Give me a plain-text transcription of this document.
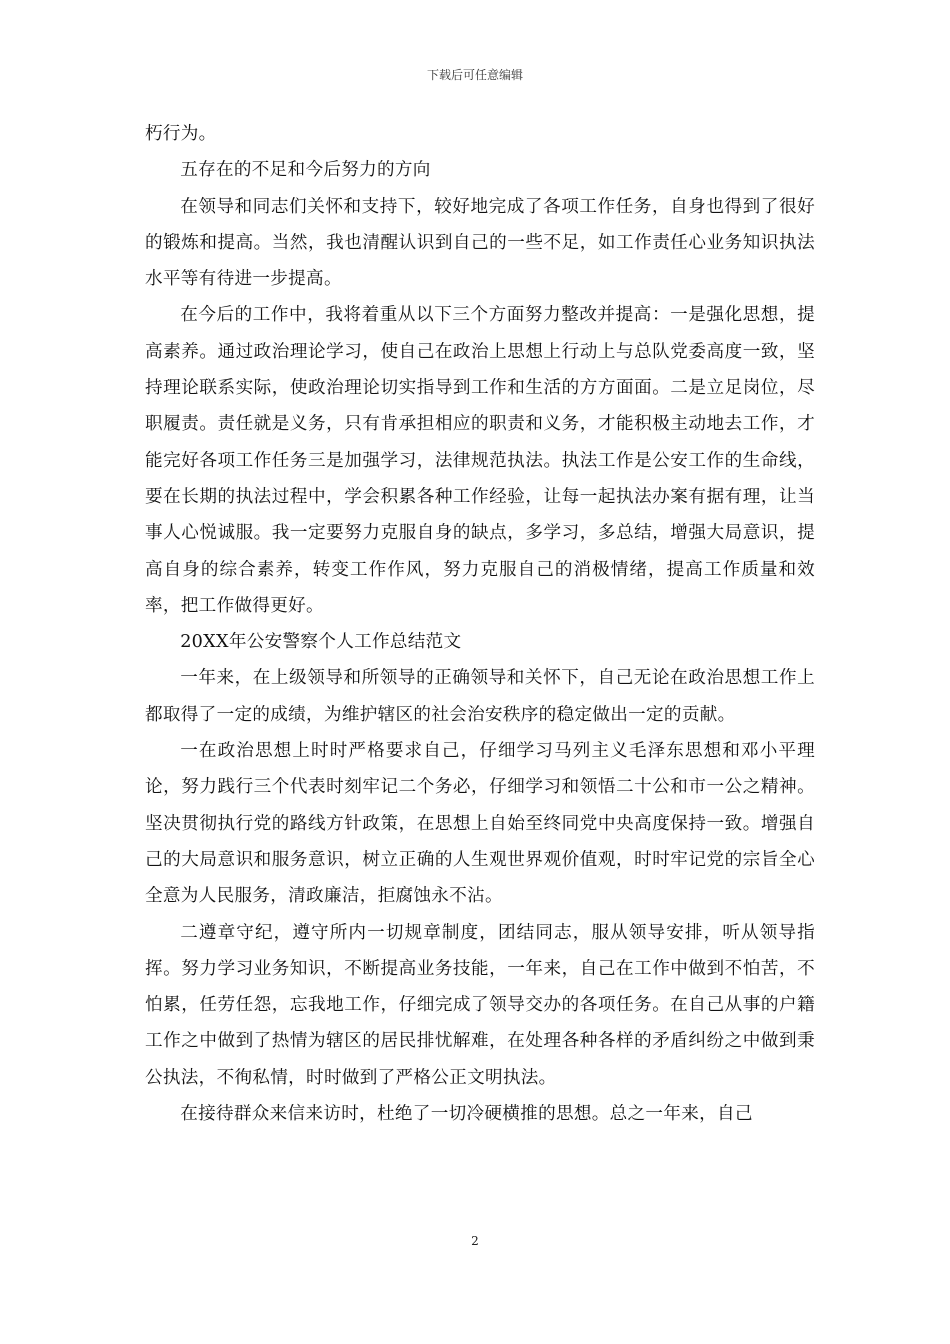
下载后可任意编辑

朽行为。

五存在的不足和今后努力的方向

在领导和同志们关怀和支持下，较好地完成了各项工作任务，自身也得到了很好的锻炼和提高。当然，我也清醒认识到自己的一些不足，如工作责任心业务知识执法水平等有待进一步提高。

在今后的工作中，我将着重从以下三个方面努力整改并提高：一是强化思想，提高素养。通过政治理论学习，使自己在政治上思想上行动上与总队党委高度一致，坚持理论联系实际，使政治理论切实指导到工作和生活的方方面面。二是立足岗位，尽职履责。责任就是义务，只有肯承担相应的职责和义务，才能积极主动地去工作，才能完好各项工作任务三是加强学习，法律规范执法。执法工作是公安工作的生命线，要在长期的执法过程中，学会积累各种工作经验，让每一起执法办案有据有理，让当事人心悦诚服。我一定要努力克服自身的缺点，多学习，多总结，增强大局意识，提高自身的综合素养，转变工作作风，努力克服自己的消极情绪，提高工作质量和效率，把工作做得更好。

20XX年公安警察个人工作总结范文

一年来，在上级领导和所领导的正确领导和关怀下，自己无论在政治思想工作上都取得了一定的成绩，为维护辖区的社会治安秩序的稳定做出一定的贡献。

一在政治思想上时时严格要求自己，仔细学习马列主义毛泽东思想和邓小平理论，努力践行三个代表时刻牢记二个务必，仔细学习和领悟二十公和市一公之精神。坚决贯彻执行党的路线方针政策，在思想上自始至终同党中央高度保持一致。增强自己的大局意识和服务意识，树立正确的人生观世界观价值观，时时牢记党的宗旨全心全意为人民服务，清政廉洁，拒腐蚀永不沾。

二遵章守纪，遵守所内一切规章制度，团结同志，服从领导安排，听从领导指挥。努力学习业务知识，不断提高业务技能，一年来，自己在工作中做到不怕苦，不怕累，任劳任怨，忘我地工作，仔细完成了领导交办的各项任务。在自己从事的户籍工作之中做到了热情为辖区的居民排忧解难，在处理各种各样的矛盾纠纷之中做到秉公执法，不徇私情，时时做到了严格公正文明执法。

在接待群众来信来访时，杜绝了一切冷硬横推的思想。总之一年来，自己

2
